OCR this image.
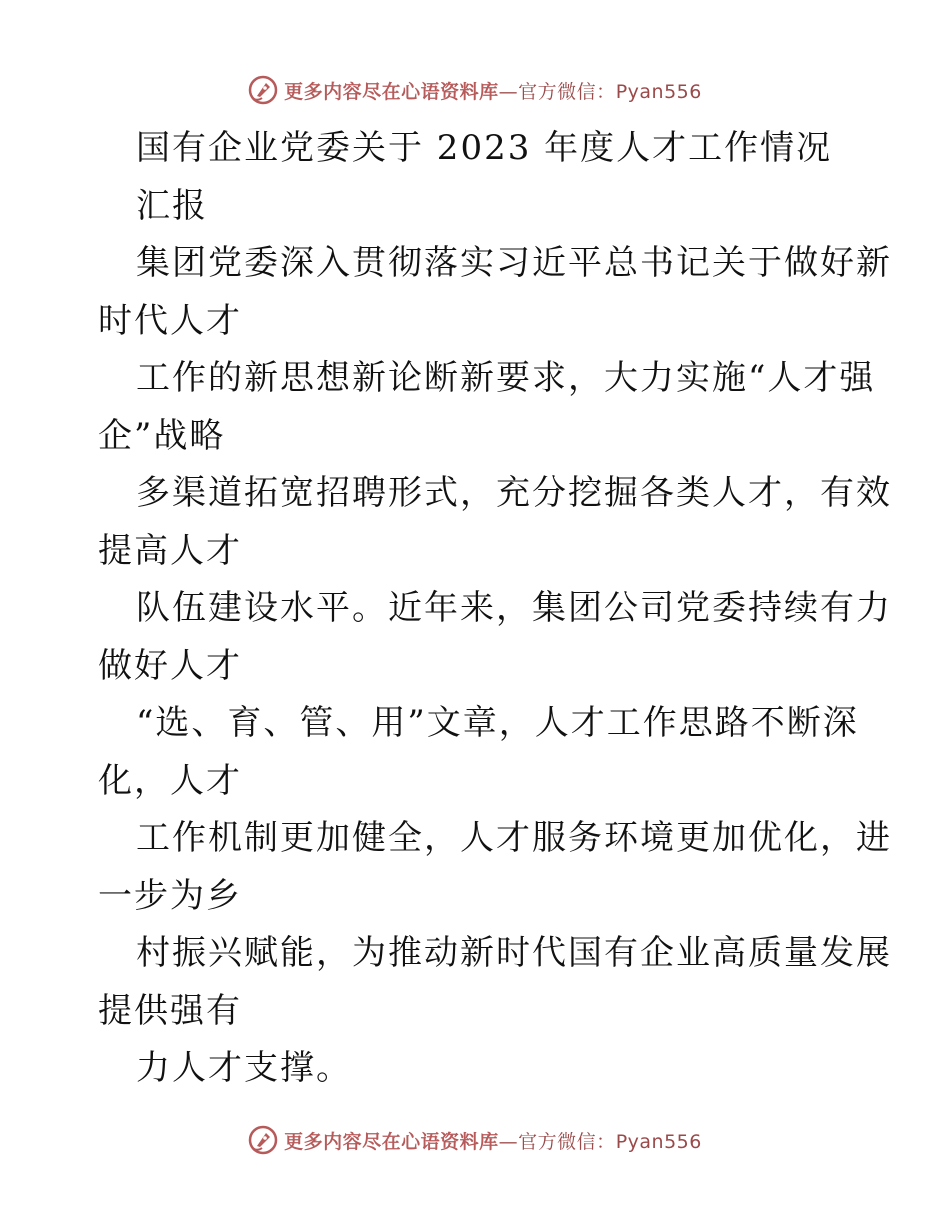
更多内容尽在心语资料库—官方微信：Pyan556
国有企业党委关于 2023 年度人才工作情况
汇报
集团党委深入贯彻落实习近平总书记关于做好新
时代人才
工作的新思想新论断新要求，大力实施“人才强
企”战略
多渠道拓宽招聘形式，充分挖掘各类人才，有效
提高人才
队伍建设水平。近年来，集团公司党委持续有力
做好人才
“选、育、管、用”文章，人才工作思路不断深
化，人才
工作机制更加健全，人才服务环境更加优化，进
一步为乡
村振兴赋能，为推动新时代国有企业高质量发展
提供强有
力人才支撑。
更多内容尽在心语资料库—官方微信：Pyan556
